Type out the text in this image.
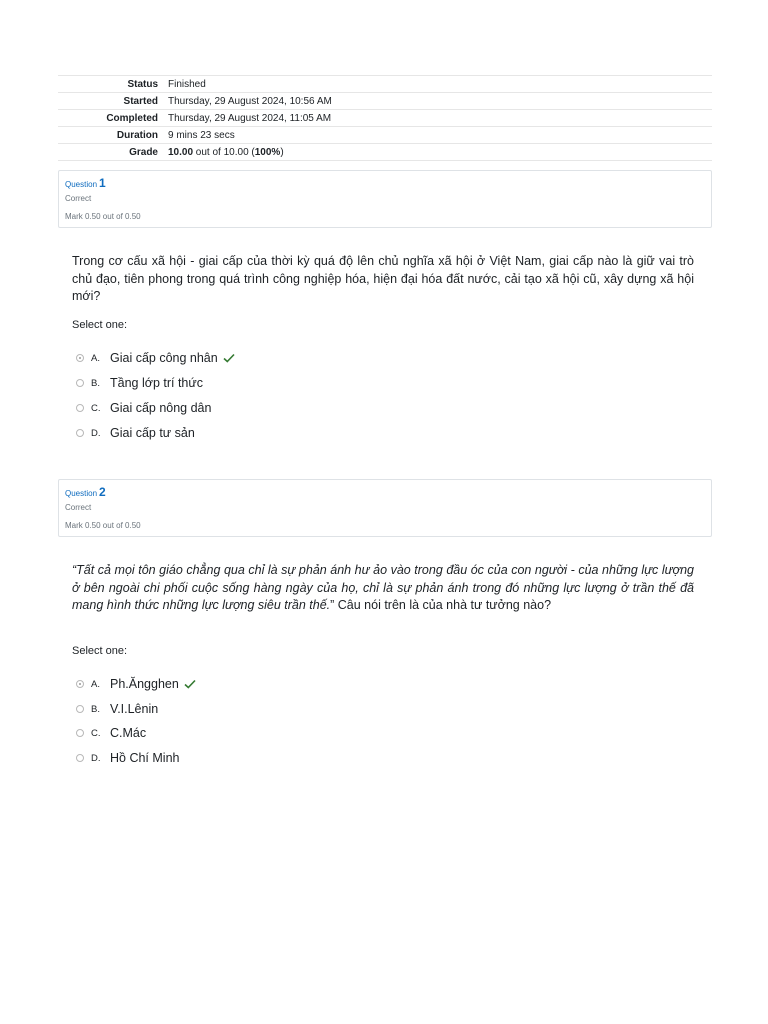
Status	Finished
Started	Thursday, 29 August 2024, 10:56 AM
Completed	Thursday, 29 August 2024, 11:05 AM
Duration	9 mins 23 secs
Grade	10.00 out of 10.00 (100%)
Question 1
Correct
Mark 0.50 out of 0.50
Trong cơ cấu xã hội - giai cấp của thời kỳ quá độ lên chủ nghĩa xã hội ở Việt Nam, giai cấp nào là giữ vai trò chủ đạo, tiên phong trong quá trình công nghiệp hóa, hiện đại hóa đất nước, cải tạo xã hội cũ, xây dựng xã hội mới?
Select one:
A. Giai cấp công nhân
B. Tầng lớp trí thức
C. Giai cấp nông dân
D. Giai cấp tư sản
Question 2
Correct
Mark 0.50 out of 0.50
“Tất cả mọi tôn giáo chẳng qua chỉ là sự phản ánh hư ảo vào trong đầu óc của con người - của những lực lượng ở bên ngoài chi phối cuộc sống hàng ngày của họ, chỉ là sự phản ánh trong đó những lực lượng ở trần thế đã mang hình thức những lực lượng siêu trần thế.” Câu nói trên là của nhà tư tưởng nào?
Select one:
A. Ph.Ăngghen
B. V.I.Lênin
C. C.Mác
D. Hồ Chí Minh
